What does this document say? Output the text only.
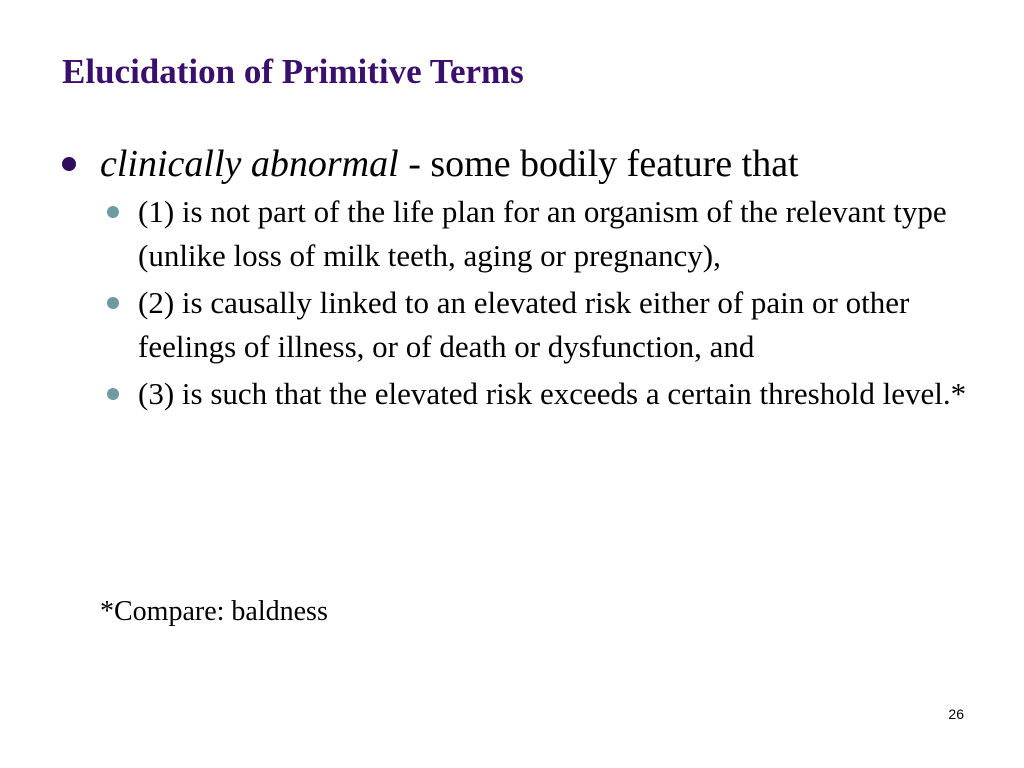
Elucidation of Primitive Terms
clinically abnormal - some bodily feature that
(1) is not part of the life plan for an organism of the relevant type (unlike loss of milk teeth, aging or pregnancy),
(2) is causally linked to an elevated risk either of pain or other feelings of illness, or of death or dysfunction, and
(3) is such that the elevated risk exceeds a certain threshold level.*
*Compare: baldness
26
